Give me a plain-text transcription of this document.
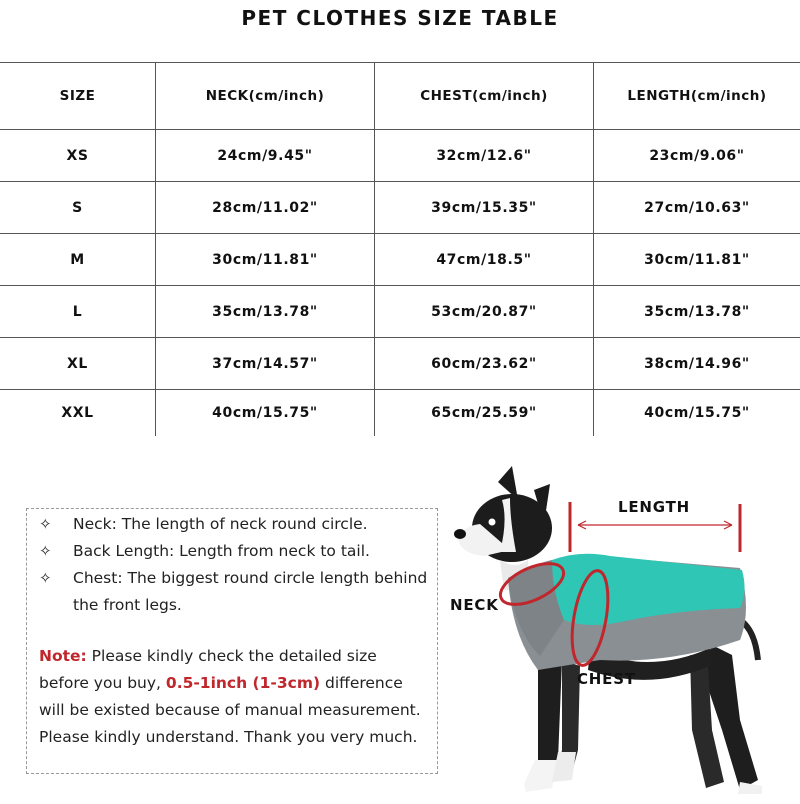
PET CLOTHES SIZE TABLE
SIZE	NECK(cm/inch)	CHEST(cm/inch)	LENGTH(cm/inch)
XS	24cm/9.45"	32cm/12.6"	23cm/9.06"
S	28cm/11.02"	39cm/15.35"	27cm/10.63"
M	30cm/11.81"	47cm/18.5"	30cm/11.81"
L	35cm/13.78"	53cm/20.87"	35cm/13.78"
XL	37cm/14.57"	60cm/23.62"	38cm/14.96"
XXL	40cm/15.75"	65cm/25.59"	40cm/15.75"
✧	Neck: The length of neck round circle.
✧	Back Length: Length from neck to tail.
✧	Chest: The biggest round circle length behind the front legs.

Note: Please kindly check the detailed size before you buy, 0.5-1inch (1-3cm) difference will be existed because of manual measurement. Please kindly understand. Thank you very much.

LENGTH
NECK
CHEST
